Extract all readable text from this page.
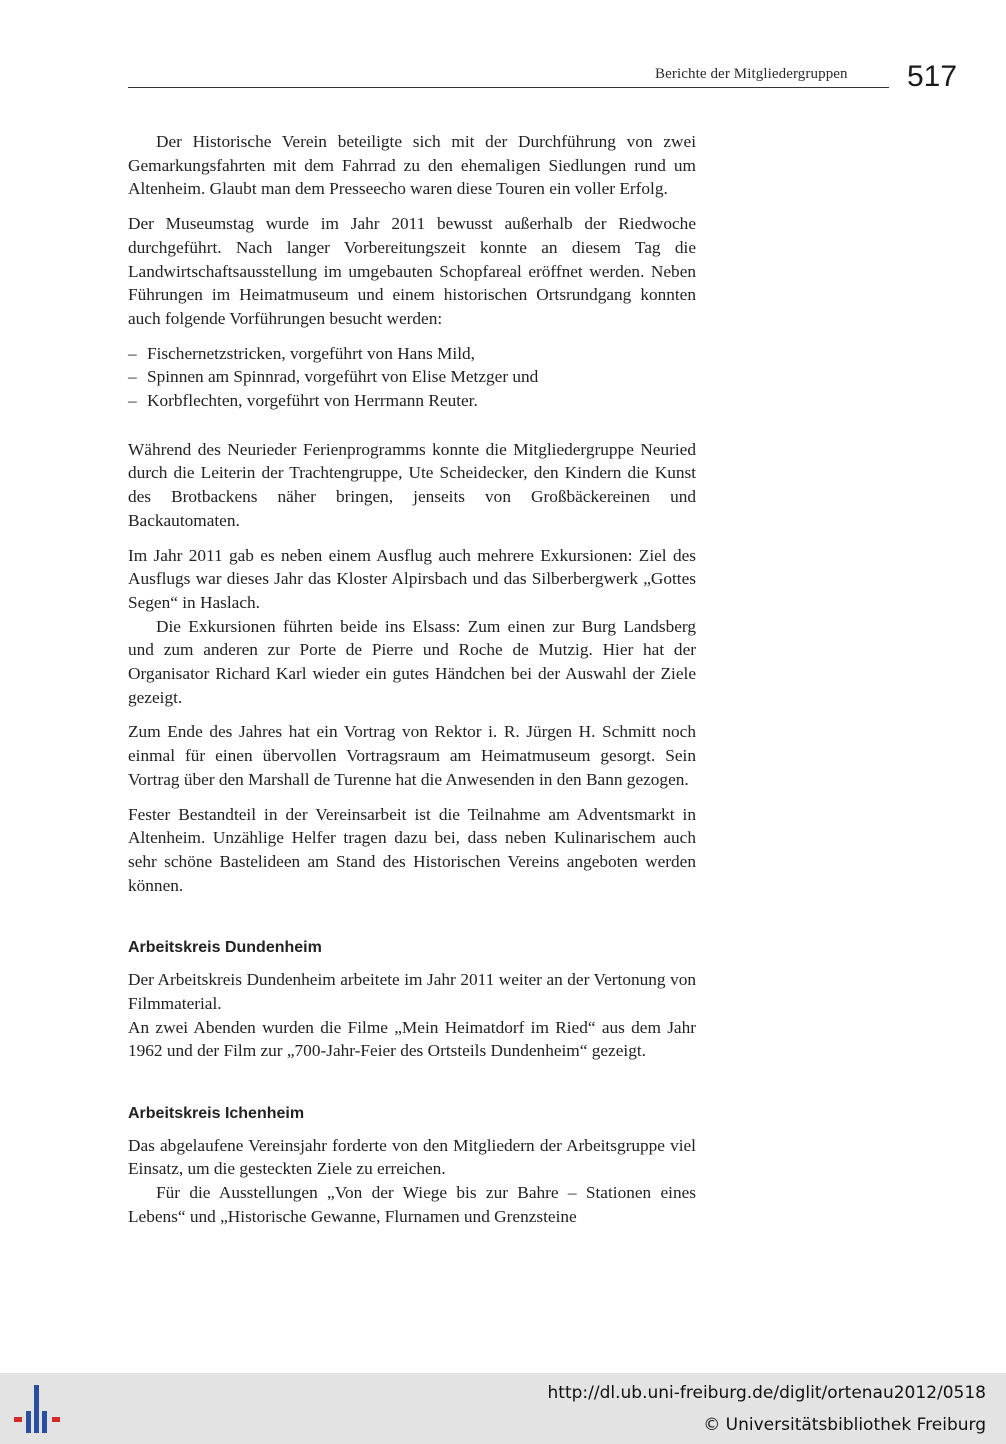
Berichte der Mitgliedergruppen 517

Der Historische Verein beteiligte sich mit der Durchführung von zwei Gemarkungsfahrten mit dem Fahrrad zu den ehemaligen Siedlungen rund um Altenheim. Glaubt man dem Presseecho waren diese Touren ein voller Erfolg.

Der Museumstag wurde im Jahr 2011 bewusst außerhalb der Riedwoche durchgeführt. Nach langer Vorbereitungszeit konnte an diesem Tag die Landwirtschaftsausstellung im umgebauten Schopfareal eröffnet werden. Neben Führungen im Heimatmuseum und einem historischen Ortsrundgang konnten auch folgende Vorführungen besucht werden:

– Fischernetzstricken, vorgeführt von Hans Mild,
– Spinnen am Spinnrad, vorgeführt von Elise Metzger und
– Korbflechten, vorgeführt von Herrmann Reuter.

Während des Neurieder Ferienprogramms konnte die Mitgliedergruppe Neuried durch die Leiterin der Trachtengruppe, Ute Scheidecker, den Kindern die Kunst des Brotbackens näher bringen, jenseits von Großbäckereinen und Backautomaten.

Im Jahr 2011 gab es neben einem Ausflug auch mehrere Exkursionen: Ziel des Ausflugs war dieses Jahr das Kloster Alpirsbach und das Silberbergwerk „Gottes Segen“ in Haslach.

Die Exkursionen führten beide ins Elsass: Zum einen zur Burg Landsberg und zum anderen zur Porte de Pierre und Roche de Mutzig. Hier hat der Organisator Richard Karl wieder ein gutes Händchen bei der Auswahl der Ziele gezeigt.

Zum Ende des Jahres hat ein Vortrag von Rektor i. R. Jürgen H. Schmitt noch einmal für einen übervollen Vortragsraum am Heimatmuseum gesorgt. Sein Vortrag über den Marshall de Turenne hat die Anwesenden in den Bann gezogen.

Fester Bestandteil in der Vereinsarbeit ist die Teilnahme am Adventsmarkt in Altenheim. Unzählige Helfer tragen dazu bei, dass neben Kulinarischem auch sehr schöne Bastelideen am Stand des Historischen Vereins angeboten werden können.

Arbeitskreis Dundenheim

Der Arbeitskreis Dundenheim arbeitete im Jahr 2011 weiter an der Vertonung von Filmmaterial.

An zwei Abenden wurden die Filme „Mein Heimatdorf im Ried“ aus dem Jahr 1962 und der Film zur „700-Jahr-Feier des Ortsteils Dundenheim“ gezeigt.

Arbeitskreis Ichenheim

Das abgelaufene Vereinsjahr forderte von den Mitgliedern der Arbeitsgruppe viel Einsatz, um die gesteckten Ziele zu erreichen.

Für die Ausstellungen „Von der Wiege bis zur Bahre – Stationen eines Lebens“ und „Historische Gewanne, Flurnamen und Grenzsteine

http://dl.ub.uni-freiburg.de/diglit/ortenau2012/0518
© Universitätsbibliothek Freiburg
